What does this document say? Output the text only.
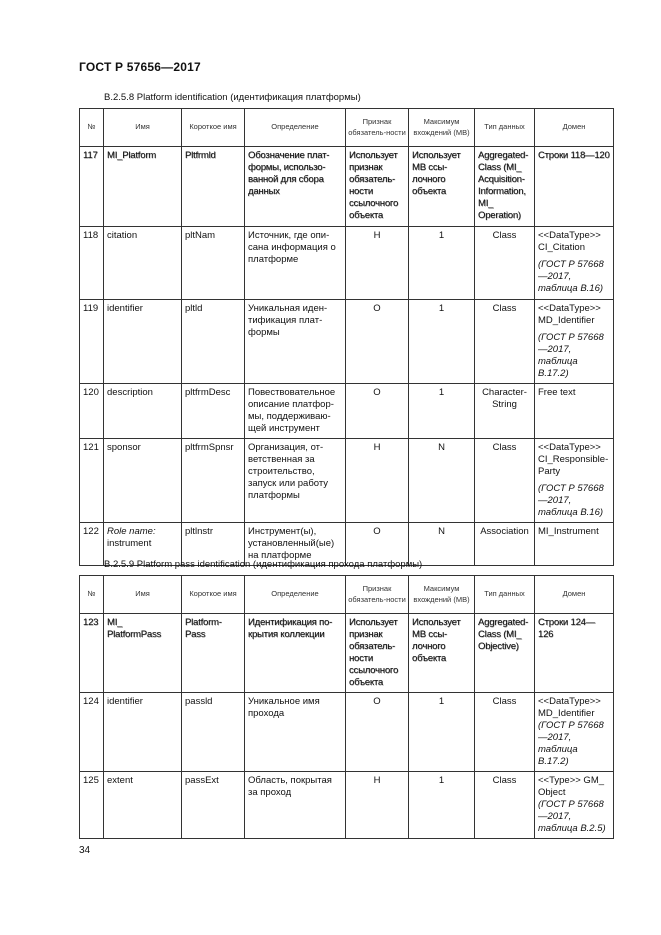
ГОСТ Р 57656—2017
B.2.5.8 Platform identification (идентификация платформы)
№	Имя	Короткое имя	Определение	Признак обязатель-ности	Максимум вхождений (МВ)	Тип данных	Домен
117	MI_Platform	Pltfrmld	Обозначение плат-формы, использо-ванной для сбора данных	Использует признак обязатель-ности ссылочного объекта	Использует МВ ссы-лочного объекта	Aggregated-Class (MI_ Acquisition-Information, MI_ Operation)	Строки 118—120
118	citation	pltNam	Источник, где опи-сана информация о платформе	Н	1	Class	<<DataType>> CI_Citation
(ГОСТ Р 57668—2017, таблица В.16)

119	identifier	pltld	Уникальная иден-тификация плат-формы	О	1	Class	<<DataType>> MD_Identifier
(ГОСТ Р 57668—2017, таблица В.17.2)

120	description	pltfrmDesc	Повествовательное описание платфор-мы, поддерживаю-щей инструмент	О	1	Character-String	Free text
121	sponsor	pltfrmSpnsr	Организация, от-ветственная за строительство, запуск или работу платформы	Н	N	Class	<<DataType>> CI_Responsible-Party
(ГОСТ Р 57668—2017, таблица В.16)

122	Role name: instrument	pltlnstr	Инструмент(ы), установленный(ые) на платформе	О	N	Association	MI_Instrument
B.2.5.9 Platform pass identification (идентификация прохода платформы)
№	Имя	Короткое имя	Определение	Признак обязатель-ности	Максимум вхождений (МВ)	Тип данных	Домен
123	MI_ PlatformPass	Platform-Pass	Идентификация по-крытия коллекции	Использует признак обязатель-ности ссылочного объекта	Использует МВ ссы-лочного объекта	Aggregated-Class (MI_ Objective)	Строки 124—126
124	identifier	passld	Уникальное имя прохода	О	1	Class	<<DataType>> MD_Identifier
(ГОСТ Р 57668—2017, таблица В.17.2)

125	extent	passExt	Область, покрытая за проход	Н	1	Class	<<Type>> GM_ Object
(ГОСТ Р 57668—2017, таблица В.2.5)
34
